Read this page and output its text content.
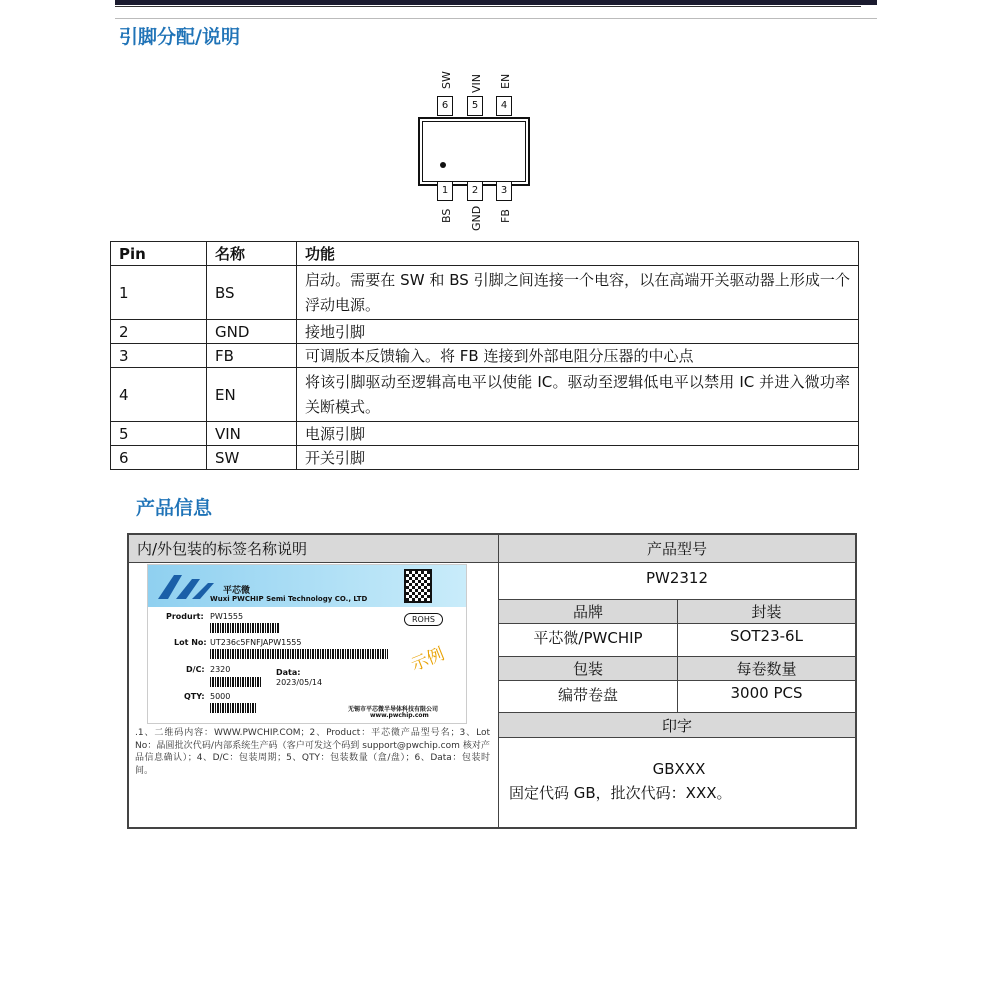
引脚分配/说明
SW VIN EN
6	5	4
1	2	3
BS GND FB
Pin	名称	功能
1	BS	启动。需要在 SW 和 BS 引脚之间连接一个电容，以在高端开关驱动器上形成一个浮动电源。
2	GND	接地引脚
3	FB	可调版本反馈输入。将 FB 连接到外部电阻分压器的中心点
4	EN	将该引脚驱动至逻辑高电平以使能 IC。驱动至逻辑低电平以禁用 IC 并进入微功率关断模式。
5	VIN	电源引脚
6	SW	开关引脚
产品信息
内/外包装的标签名称说明	产品型号
PW2312
品牌	封装
平芯微/PWCHIP	SOT23-6L
包装	每卷数量
编带卷盘	3000 PCS
印字
GBXXX
固定代码 GB，批次代码：XXX。
平芯微
Wuxi PWCHIP Semi Technology CO., LTD
Produrt: PW1555	ROHS
Lot No: UT236c5FNFJAPW1555
示例
D/C: 2320	Data:
2023/05/14
QTY: 5000
无锡市平芯微半导体科技有限公司
www.pwchip.com
.1、二维码内容：WWW.PWCHIP.COM；2、Product：平芯微产品型号名；3、Lot No：晶圆批次代码/内部系统生产码（客户可发这个码到 support@pwchip.com 核对产品信息确认）；4、D/C：包装周期；5、QTY：包装数量（盒/盘）；6、Data：包装时间。
